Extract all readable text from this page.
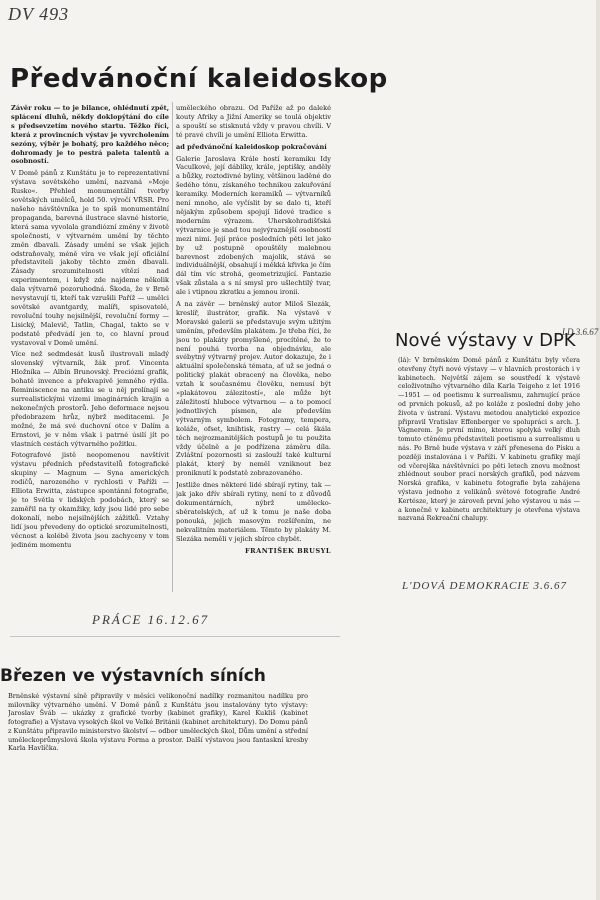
DV 493
Předvánoční kaleidoskop

Závěr roku — to je bilance, ohlédnutí zpět, splácení dluhů, někdy doklopýtání do cíle s předsevzetím nového startu. Těžko říci, která z provincních výstav je vyvrcholením sezóny, výběr je bohatý, pro každého něco; dohromady je to pestrá paleta talentů a osobností.

V Domě pánů z Kunštátu je to reprezentativní výstava sovětského umění, nazvaná »Moje Rusko«. Přehled monumentální tvorby sovětských umělců, hold 50. výročí VŘSR. Pro našeho návštěvníka je to spíš monumentální propaganda, barevná ilustrace slavné historie, která sama vyvolala grandiózní změny v životě společnosti, v výtvarném umění by těchto změn dbavali. Zásady umění se však jejich odstraňovaly, méně víra ve však její oficiální představiteli jakoby těchto změn dbavali. Zásady srozumitelnosti vítězí nad experimentem, i když zde najdeme několik dala výtvarně pozoruhodná. Škoda, že v Brně nevystavují ti, kteří tak vzrušili Paříž — umělci sovětské avantgardy, malíři, spisovatelé, revoluční touhy nejsilnější, revoluční formy — Lisický, Malevič, Tatlin, Chagal, takto se v podstatě předvádí jen to, co hlavní proud vystavoval v Domě umění.

Více než sedmdesát kusů ilustrovali mladý slovenský výtvarník, žák prof. Vincenta Hložníka — Albín Brunovský. Preciózní grafik, bohatě invence a překvapivě jemného rýdla. Reminiscence na antiku se u něj prolínají se surrealistickými vizemi imaginárních krajin a nekonečných prostorů. Jeho deformace nejsou předobrazem hrůz, nýbrž meditacemi. Je možné, že má své duchovní otce v Dalím a Ernstovi, je v něm však i patrné úsilí jít po vlastních cestách výtvarného požitku.

Fotografové jistě neopomenou navštívit výstavu předních představitelů fotografické skupiny — Magnum — Syna amerických rodičů, narozeného v rychlosti v Paříži — Elliota Erwitta, zástupce spontánní fotografie, je to Světla v lidských podobách, který se zaměřil na ty okamžiky, kdy jsou lidé pro sebe dokonalí, nebo nejsilnějších zážitků. Vztahy lidí jsou převedeny do optické srozumitelnosti, věcnost a kolébě života jsou zachyceny v tom jediném momentu

uměleckého obrazu. Od Paříže až po daleké kouty Afriky a Jižní Ameriky se toulá objektiv a spouští se stisknutá vždy v pravou chvíli. V té pravé chvíli je umění Elliota Erwitta.

ad předvánoční kaleidoskop pokračování

Galerie Jaroslava Krále hostí keramiku Idy Vaculkové, její dáblíky, krále, jeptišky, anděly a bůžky, roztodivné byliny, většinou laděné do šedého tónu, získaného technikou zakuřování keramiky. Moderních keramiků — výtvarníků není mnoho, ale vyčíslit by se dalo ti, kteří nějakým způsobem spojují lidové tradice s moderním výrazem. Uherskohradišťská výtvarnice je snad tou nejvýraznější osobností mezi nimi. Její práce posledních pěti let jako by už postupně opouštěly malebnou barevnost zdobených majolik, stává se individuálnější, obsahují i měkká křivka je čím dál tím víc strohá, geometrizující. Fantazie však zůstala a s ní smysl pro ušlechtilý tvar, ale i vtipnou zkratku a jemnou ironii.

A na závěr — brněnský autor Miloš Slezák, kreslíř, ilustrátor, grafik. Na výstavě v Moravské galerii se představuje svým užitým uměním, především plakátem. Je třeba říci, že jsou to plakáty promyšlené, procítěné, že to není pouhá tvorba na objednávku, ale svébytný výtvarný projev. Autor dokazuje, že i aktuální společenská témata, ať už se jedná o politický plakát obracený na člověka, nebo vztah k současnému člověku, nemusí být »plakátovou zálezitostí«, ale může být záležitostí hluboce výtvarnou — a to pomocí jednotlivých písmen, ale především výtvarným symbolem. Fotogramy, tempera, koláže, ofset, knihtisk, rastry — celá škála těch nejrozmanitějších postupů je tu použita vždy účelně a je podřízena záměru díla. Zvláštní pozornosti si zaslouží také kulturní plakát, který by neměl vzniknout bez proniknutí k podstatě zobrazovaného.

Jestliže dnes některé lidé sbírají rytiny, tak — jak jako dřív sbírali rytiny, není to z důvodů dokumentárních, nýbrž umělecko-sběratelských, ať už k tomu je naše doba ponouká, jejich masovým rozšířením, ne nekvalitním materiálem. Těmto by plakáty M. Slezáka neměli v jejich sbírce chybět.

FRANTIŠEK BRUSYL

PRÁCE 16.12.67
Březen ve výstavních síních

Brněnské výstavní síně připravily v měsíci velikonoční nadílky rozmanitou nadílku pro milovníky výtvarného umění. V Domě pánů z Kunštátu jsou instalovány tyto výstavy: Jaroslav Šváb — ukázky z grafické tvorby (kabinet grafiky), Karel Kukliš (kabinet fotografie) a Výstava vysokých škol ve Velké Británii (kabinet architektury). Do Domu pánů z Kunštátu připravilo ministerstvo školství — odbor uměleckých škol, Dům umění a střední uměleckoprůmyslová škola výstavu Forma a prostor. Další výstavou jsou fantaskní kresby Karla Havlíčka.

Nové výstavy v DPK
LD 3.6.67

(lá): V brněnském Domě pánů z Kunštátu byly včera otevřeny čtyři nové výstavy — v hlavních prostorách i v kabinetech. Největší zájem se soustředí k výstavě celoživotního výtvarného díla Karla Teigeho z let 1916—1951 — od poetismu k surrealismu, zahrnující práce od prvních pokusů, až po koláže z poslední doby jeho života v ústraní. Výstavu metodou analytické expozice připravil Vratislav Effenberger ve spolupráci s arch. J. Vágnerem. Je první mimo, kterou spolyká velký dluh tomuto ctěnému představiteli poetismu a surrealismu u nás. Po Brně bude výstava v září přenesena do Písku a později instalována i v Paříži. V kabinetu grafiky mají od včerejška návštěvníci po pěti letech znovu možnost zhlédnout soubor prací norských grafiků, pod názvem Norská grafika, v kabinetu fotografie byla zahájena výstava jednoho z velikánů světové fotografie André Kertésze, který je zároveň první jeho výstavou u nás — a konečně v kabinetu architektury je otevřena výstava nazvaná Rekreační chalupy.

L'DOVÁ DEMOKRACIE 3.6.67
